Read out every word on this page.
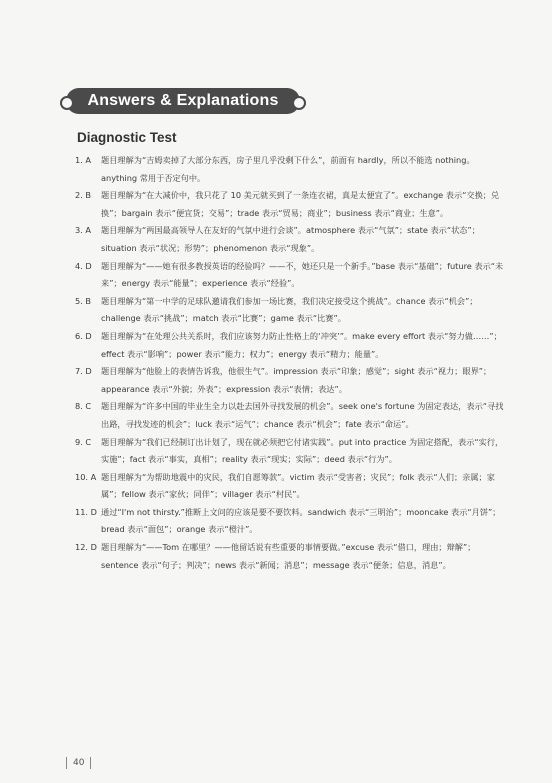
Answers & Explanations
Diagnostic Test
1. A	题目理解为“吉姆卖掉了大部分东西，房子里几乎没剩下什么”，前面有 hardly，所以不能选 nothing。anything 常用于否定句中。
2. B	题目理解为“在大减价中，我只花了 10 美元就买到了一条连衣裙，真是太便宜了”。exchange 表示“交换；兑换”；bargain 表示“便宜货；交易”；trade 表示“贸易；商业”；business 表示“商业；生意”。
3. A	题目理解为“两国最高领导人在友好的气氛中进行会谈”。atmosphere 表示“气氛”；state 表示“状态”；situation 表示“状况；形势”；phenomenon 表示“现象”。
4. D	题目理解为“——她有很多教授英语的经验吗？——不，她还只是一个新手。”base 表示“基础”；future 表示“未来”；energy 表示“能量”；experience 表示“经验”。
5. B	题目理解为“第一中学的足球队邀请我们参加一场比赛，我们决定接受这个挑战”。chance 表示“机会”；challenge 表示“挑战”；match 表示“比赛”；game 表示“比赛”。
6. D	题目理解为“在处理公共关系时，我们应该努力防止性格上的‘冲突’”。make every effort 表示“努力做……”；effect 表示“影响”；power 表示“能力；权力”；energy 表示“精力；能量”。
7. D	题目理解为“他脸上的表情告诉我，他很生气”。impression 表示“印象；感觉”；sight 表示“视力；眼界”；appearance 表示“外貌；外表”；expression 表示“表情；表达”。
8. C	题目理解为“许多中国的毕业生全力以赴去国外寻找发展的机会”。seek one's fortune 为固定表达，表示“寻找出路，寻找发迹的机会”；luck 表示“运气”；chance 表示“机会”；fate 表示“命运”。
9. C	题目理解为“我们已经制订出计划了，现在就必须把它付诸实践”。put into practice 为固定搭配，表示“实行，实施”；fact 表示“事实，真相”；reality 表示“现实；实际”；deed 表示“行为”。
10. A 题目理解为“为帮助地震中的灾民，我们自愿筹款”。victim 表示“受害者；灾民”；folk 表示“人们；亲属；家属”；fellow 表示“家伙；同伴”；villager 表示“村民”。
11. D 通过“I'm not thirsty.”推断上文问的应该是要不要饮料。sandwich 表示“三明治”；mooncake 表示“月饼”；bread 表示“面包”；orange 表示“橙汁”。
12. D 题目理解为“——Tom 在哪里？——他留话说有些重要的事情要做。”excuse 表示“借口，理由；辩解”；sentence 表示“句子；判决”；news 表示“新闻；消息”；message 表示“便条；信息，消息”。
40
